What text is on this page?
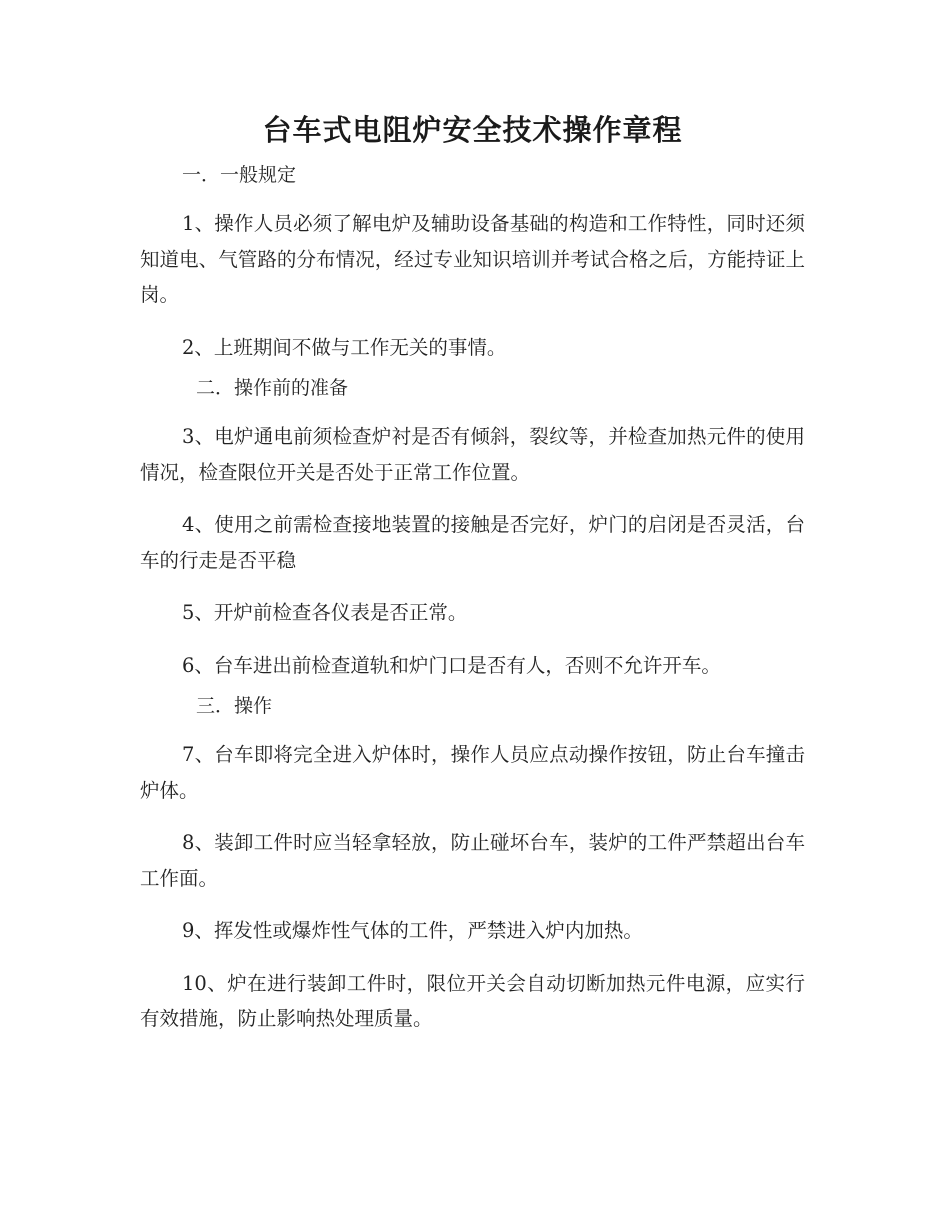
台车式电阻炉安全技术操作章程
一．一般规定

1、操作人员必须了解电炉及辅助设备基础的构造和工作特性，同时还须知道电、气管路的分布情况，经过专业知识培训并考试合格之后，方能持证上岗。

2、上班期间不做与工作无关的事情。

二．操作前的准备

3、电炉通电前须检查炉衬是否有倾斜，裂纹等，并检查加热元件的使用情况，检查限位开关是否处于正常工作位置。

4、使用之前需检查接地装置的接触是否完好，炉门的启闭是否灵活，台车的行走是否平稳

5、开炉前检查各仪表是否正常。

6、台车进出前检查道轨和炉门口是否有人，否则不允许开车。

三．操作

7、台车即将完全进入炉体时，操作人员应点动操作按钮，防止台车撞击炉体。

8、装卸工件时应当轻拿轻放，防止碰坏台车，装炉的工件严禁超出台车工作面。

9、挥发性或爆炸性气体的工件，严禁进入炉内加热。

10、炉在进行装卸工件时，限位开关会自动切断加热元件电源，应实行有效措施，防止影响热处理质量。
